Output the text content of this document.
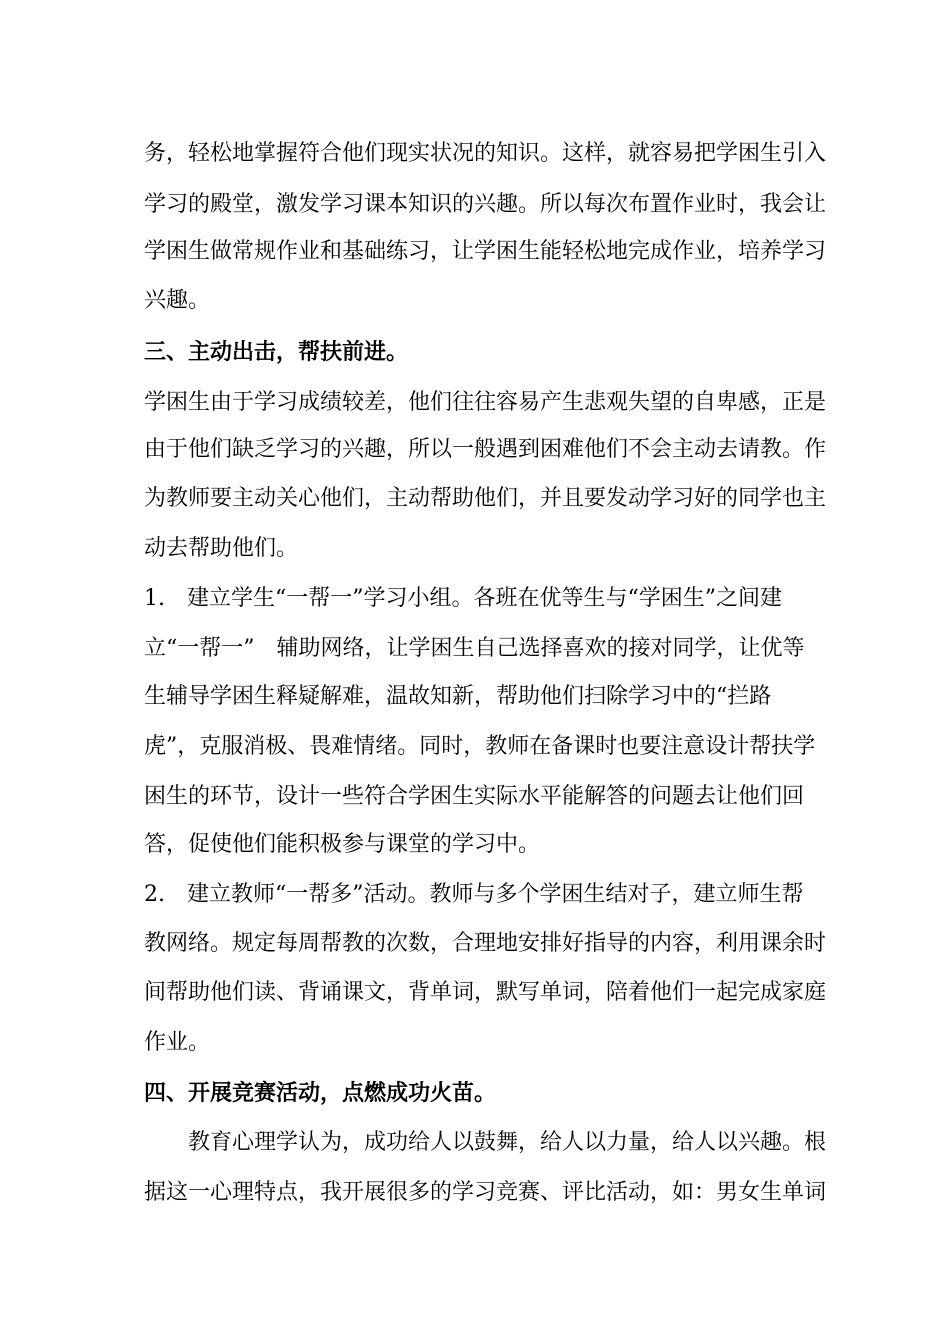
务，轻松地掌握符合他们现实状况的知识。这样，就容易把学困生引入
学习的殿堂，激发学习课本知识的兴趣。所以每次布置作业时，我会让
学困生做常规作业和基础练习，让学困生能轻松地完成作业，培养学习
兴趣。
三、主动出击，帮扶前进。
学困生由于学习成绩较差，他们往往容易产生悲观失望的自卑感，正是
由于他们缺乏学习的兴趣，所以一般遇到困难他们不会主动去请教。作
为教师要主动关心他们，主动帮助他们，并且要发动学习好的同学也主
动去帮助他们。
1.　建立学生“一帮一”学习小组。各班在优等生与“学困生”之间建
立“一帮一”　辅助网络，让学困生自己选择喜欢的接对同学，让优等
生辅导学困生释疑解难，温故知新，帮助他们扫除学习中的“拦路
虎”，克服消极、畏难情绪。同时，教师在备课时也要注意设计帮扶学
困生的环节，设计一些符合学困生实际水平能解答的问题去让他们回
答，促使他们能积极参与课堂的学习中。
2.　建立教师“一帮多”活动。教师与多个学困生结对子，建立师生帮
教网络。规定每周帮教的次数，合理地安排好指导的内容，利用课余时
间帮助他们读、背诵课文，背单词，默写单词，陪着他们一起完成家庭
作业。
四、开展竞赛活动，点燃成功火苗。
　　教育心理学认为，成功给人以鼓舞，给人以力量，给人以兴趣。根
据这一心理特点，我开展很多的学习竞赛、评比活动，如：男女生单词
